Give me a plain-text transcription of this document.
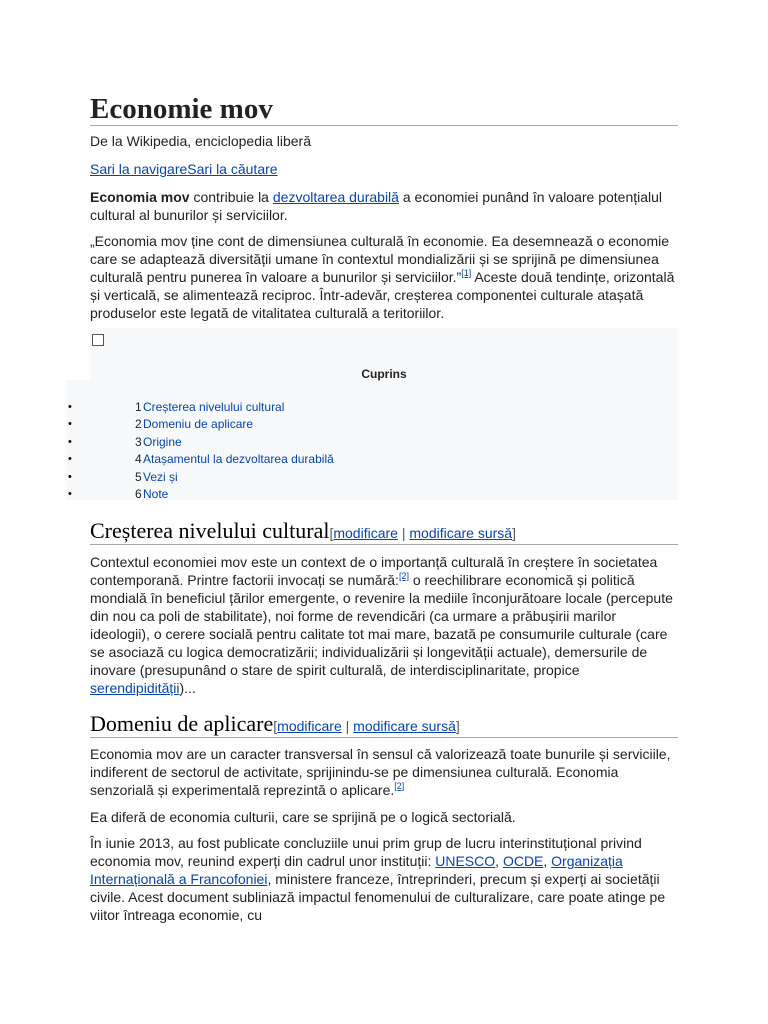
Economie mov
De la Wikipedia, enciclopedia liberă
Sari la navigareSari la căutare

Economia mov contribuie la dezvoltarea durabilă a economiei punând în valoare potențialul cultural al bunurilor și serviciilor.

„Economia mov ține cont de dimensiunea culturală în economie. Ea desemnează o economie care se adaptează diversității umane în contextul mondializării și se sprijină pe dimensiunea culturală pentru punerea în valoare a bunurilor și serviciilor.”[1] Aceste două tendințe, orizontală și verticală, se alimentează reciproc. Într-adevăr, creșterea componentei culturale atașată produselor este legată de vitalitatea culturală a teritoriilor.

Cuprins
•	1 Creșterea nivelului cultural
•	2 Domeniu de aplicare
•	3 Origine
•	4 Atașamentul la dezvoltarea durabilă
•	5 Vezi și
•	6 Note
Creșterea nivelului cultural[modificare | modificare sursă]

Contextul economiei mov este un context de o importanță culturală în creștere în societatea contemporană. Printre factorii invocați se numără:[2] o reechilibrare economică și politică mondială în beneficiul țărilor emergente, o revenire la mediile înconjurătoare locale (percepute din nou ca poli de stabilitate), noi forme de revendicări (ca urmare a prăbușirii marilor ideologii), o cerere socială pentru calitate tot mai mare, bazată pe consumurile culturale (care se asociază cu logica democratizării; individualizării și longevității actuale), demersurile de inovare (presupunând o stare de spirit culturală, de interdisciplinaritate, propice serendipidității)...

Domeniu de aplicare[modificare | modificare sursă]

Economia mov are un caracter transversal în sensul că valorizează toate bunurile și serviciile, indiferent de sectorul de activitate, sprijinindu-se pe dimensiunea culturală. Economia senzorială și experimentală reprezintă o aplicare.[2]

Ea diferă de economia culturii, care se sprijină pe o logică sectorială.

În iunie 2013, au fost publicate concluziile unui prim grup de lucru interinstituțional privind economia mov, reunind experți din cadrul unor instituții: UNESCO, OCDE, Organizația Internațională a Francofoniei, ministere franceze, întreprinderi, precum și experți ai societății civile. Acest document subliniază impactul fenomenului de culturalizare, care poate atinge pe viitor întreaga economie, cu
